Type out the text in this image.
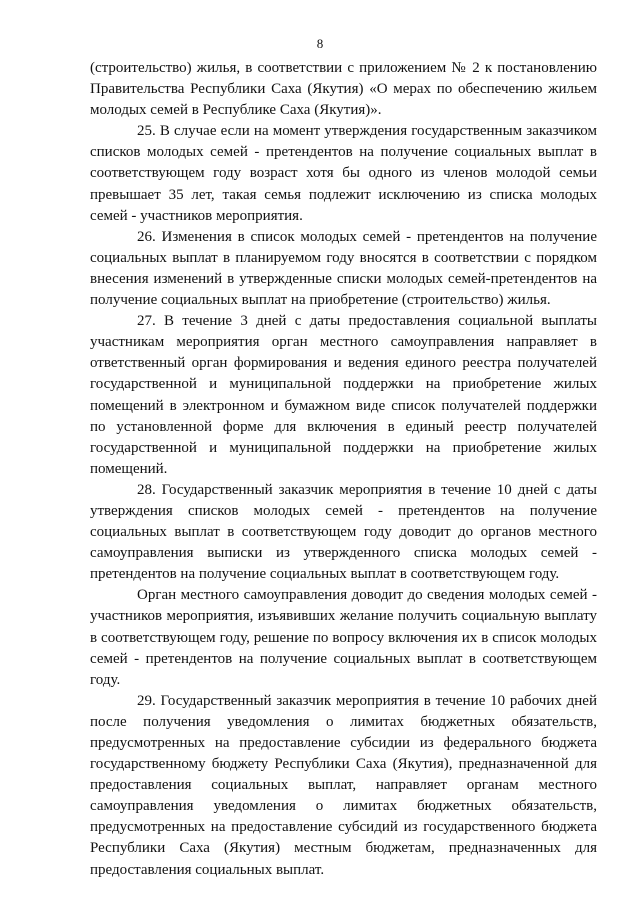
8

(строительство) жилья, в соответствии с приложением № 2 к постановлению Правительства Республики Саха (Якутия) «О мерах по обеспечению жильем молодых семей в Республике Саха (Якутия)».

25. В случае если на момент утверждения государственным заказчиком списков молодых семей - претендентов на получение социальных выплат в соответствующем году возраст хотя бы одного из членов молодой семьи превышает 35 лет, такая семья подлежит исключению из списка молодых семей - участников мероприятия.

26. Изменения в список молодых семей - претендентов на получение социальных выплат в планируемом году вносятся в соответствии с порядком внесения изменений в утвержденные списки молодых семей-претендентов на получение социальных выплат на приобретение (строительство) жилья.

27. В течение 3 дней с даты предоставления социальной выплаты участникам мероприятия орган местного самоуправления направляет в ответственный орган формирования и ведения единого реестра получателей государственной и муниципальной поддержки на приобретение жилых помещений в электронном и бумажном виде список получателей поддержки по установленной форме для включения в единый реестр получателей государственной и муниципальной поддержки на приобретение жилых помещений.

28. Государственный заказчик мероприятия в течение 10 дней с даты утверждения списков молодых семей - претендентов на получение социальных выплат в соответствующем году доводит до органов местного самоуправления выписки из утвержденного списка молодых семей - претендентов на получение социальных выплат в соответствующем году.

Орган местного самоуправления доводит до сведения молодых семей - участников мероприятия, изъявивших желание получить социальную выплату в соответствующем году, решение по вопросу включения их в список молодых семей - претендентов на получение социальных выплат в соответствующем году.

29. Государственный заказчик мероприятия в течение 10 рабочих дней после получения уведомления о лимитах бюджетных обязательств, предусмотренных на предоставление субсидии из федерального бюджета государственному бюджету Республики Саха (Якутия), предназначенной для предоставления социальных выплат, направляет органам местного самоуправления уведомления о лимитах бюджетных обязательств, предусмотренных на предоставление субсидий из государственного бюджета Республики Саха (Якутия) местным бюджетам, предназначенных для предоставления социальных выплат.
